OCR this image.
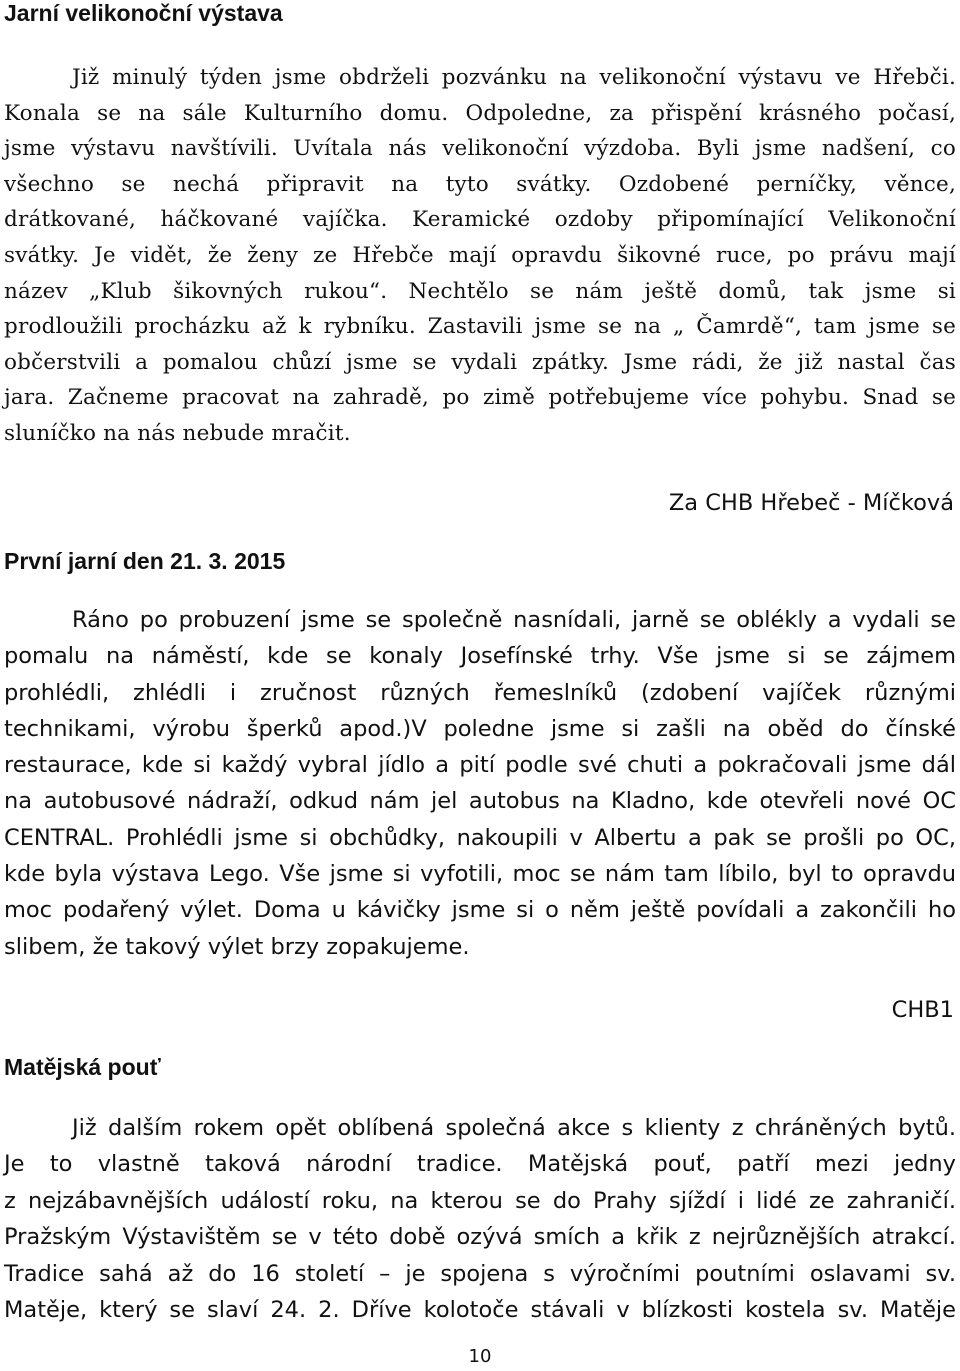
Jarní velikonoční výstava

Již minulý týden jsme obdrželi pozvánku na velikonoční výstavu ve Hřebči.
Konala se na sále Kulturního domu. Odpoledne, za přispění krásného počasí,
jsme výstavu navštívili. Uvítala nás velikonoční výzdoba. Byli jsme nadšení, co
všechno se nechá připravit na tyto svátky. Ozdobené perníčky, věnce,
drátkované, háčkované vajíčka. Keramické ozdoby připomínající Velikonoční
svátky. Je vidět, že ženy ze Hřebče mají opravdu šikovné ruce, po právu mají
název „Klub šikovných rukou“. Nechtělo se nám ještě domů, tak jsme si
prodloužili procházku až k rybníku. Zastavili jsme se na „ Čamrdě“, tam jsme se
občerstvili a pomalou chůzí jsme se vydali zpátky. Jsme rádi, že již nastal čas
jara. Začneme pracovat na zahradě, po zimě potřebujeme více pohybu. Snad se
sluníčko na nás nebude mračit.

Za CHB Hřebeč - Míčková

První jarní den 21. 3. 2015

Ráno po probuzení jsme se společně nasnídali, jarně se oblékly a vydali se
pomalu na náměstí, kde se konaly Josefínské trhy. Vše jsme si se zájmem
prohlédli, zhlédli i zručnost různých řemeslníků (zdobení vajíček různými
technikami, výrobu šperků apod.)V poledne jsme si zašli na oběd do čínské
restaurace, kde si každý vybral jídlo a pití podle své chuti a pokračovali jsme dál
na autobusové nádraží, odkud nám jel autobus na Kladno, kde otevřeli nové OC
CENTRAL. Prohlédli jsme si obchůdky, nakoupili v Albertu a pak se prošli po OC,
kde byla výstava Lego. Vše jsme si vyfotili, moc se nám tam líbilo, byl to opravdu
moc podařený výlet. Doma u kávičky jsme si o něm ještě povídali a zakončili ho
slibem, že takový výlet brzy zopakujeme.

CHB1

Matějská pouť

Již dalším rokem opět oblíbená společná akce s klienty z chráněných bytů.
Je to vlastně taková národní tradice. Matějská pouť, patří mezi jedny
z nejzábavnějších událostí roku, na kterou se do Prahy sjíždí i lidé ze zahraničí.
Pražským Výstavištěm se v této době ozývá smích a křik z nejrůznějších atrakcí.
Tradice sahá až do 16 století – je spojena s výročními poutními oslavami sv.
Matěje, který se slaví 24. 2. Dříve kolotoče stávali v blízkosti kostela sv. Matěje

10
